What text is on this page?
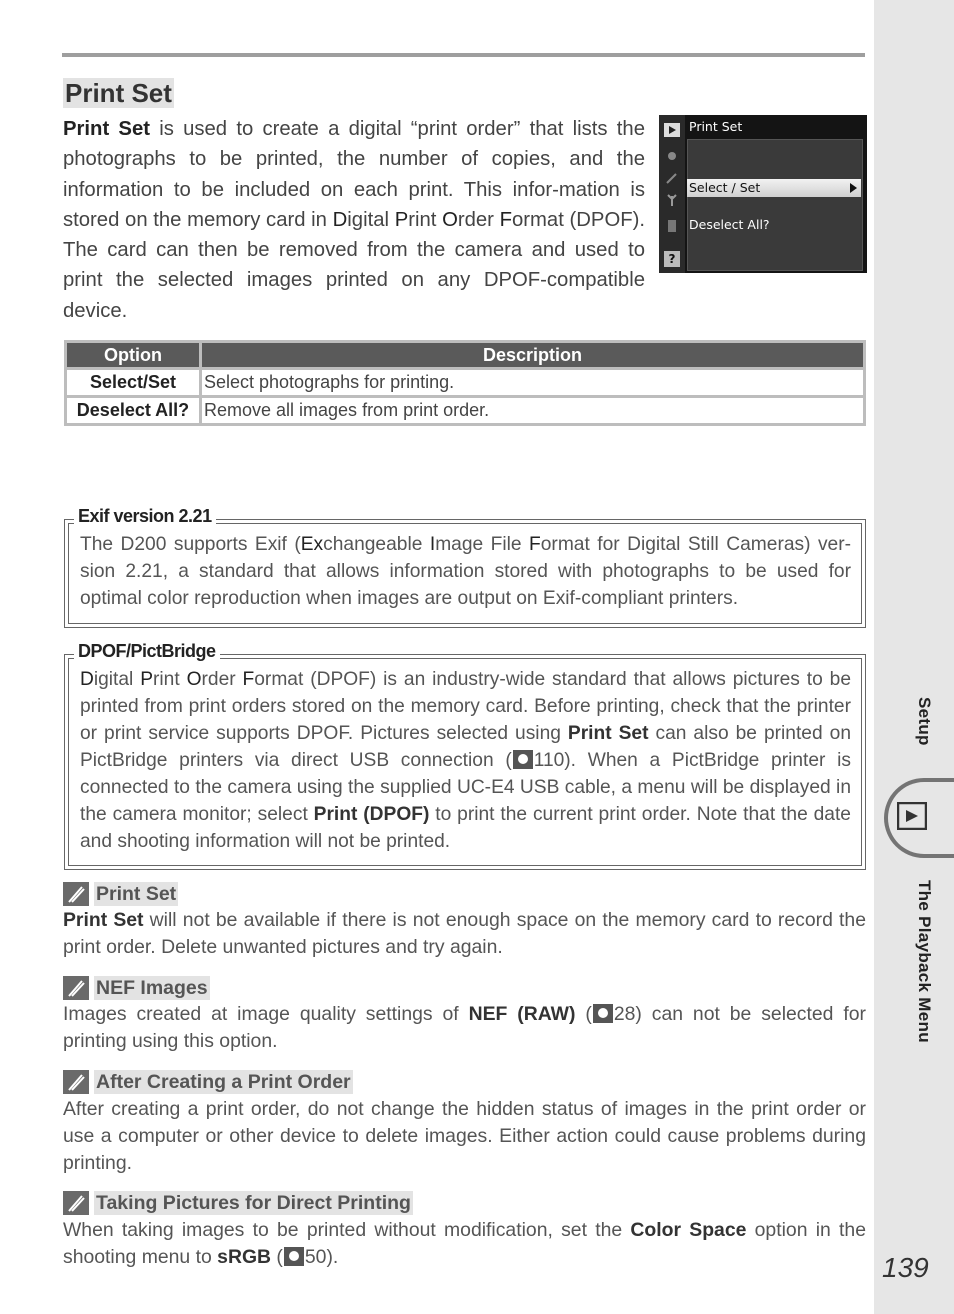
Setup
The Playback Menu
139
Print Set

Print Set is used to create a digital “print order” that lists the photographs to be printed, the number of copies, and the information to be included on each print. This infor-mation is stored on the memory card in Digital Print Order Format (DPOF). The card can then be removed from the camera and used to print the selected images printed on any DPOF-compatible device.

?
Print Set
Select / Set
Deselect All?
Option	Description
Select/Set	Select photographs for printing.
Deselect All?	Remove all images from print order.
Exif version 2.21

The D200 supports Exif (Exchangeable Image File Format for Digital Still Cameras) ver-sion 2.21, a standard that allows information stored with photographs to be used for optimal color reproduction when images are output on Exif-compliant printers.

DPOF/PictBridge

Digital Print Order Format (DPOF) is an industry-wide standard that allows pictures to be printed from print orders stored on the memory card. Before printing, check that the printer or print service supports DPOF. Pictures selected using Print Set can also be printed on PictBridge printers via direct USB connection ( 110). When a PictBridge printer is connected to the camera using the supplied UC-E4 USB cable, a menu will be displayed in the camera monitor; select Print (DPOF) to print the current print order. Note that the date and shooting information will not be printed.

Print Set

Print Set will not be available if there is not enough space on the memory card to record the print order. Delete unwanted pictures and try again.

NEF Images

Images created at image quality settings of NEF (RAW) ( 28) can not be selected for printing using this option.

After Creating a Print Order

After creating a print order, do not change the hidden status of images in the print order or use a computer or other device to delete images. Either action could cause problems during printing.

Taking Pictures for Direct Printing

When taking images to be printed without modification, set the Color Space option in the shooting menu to sRGB ( 50).
